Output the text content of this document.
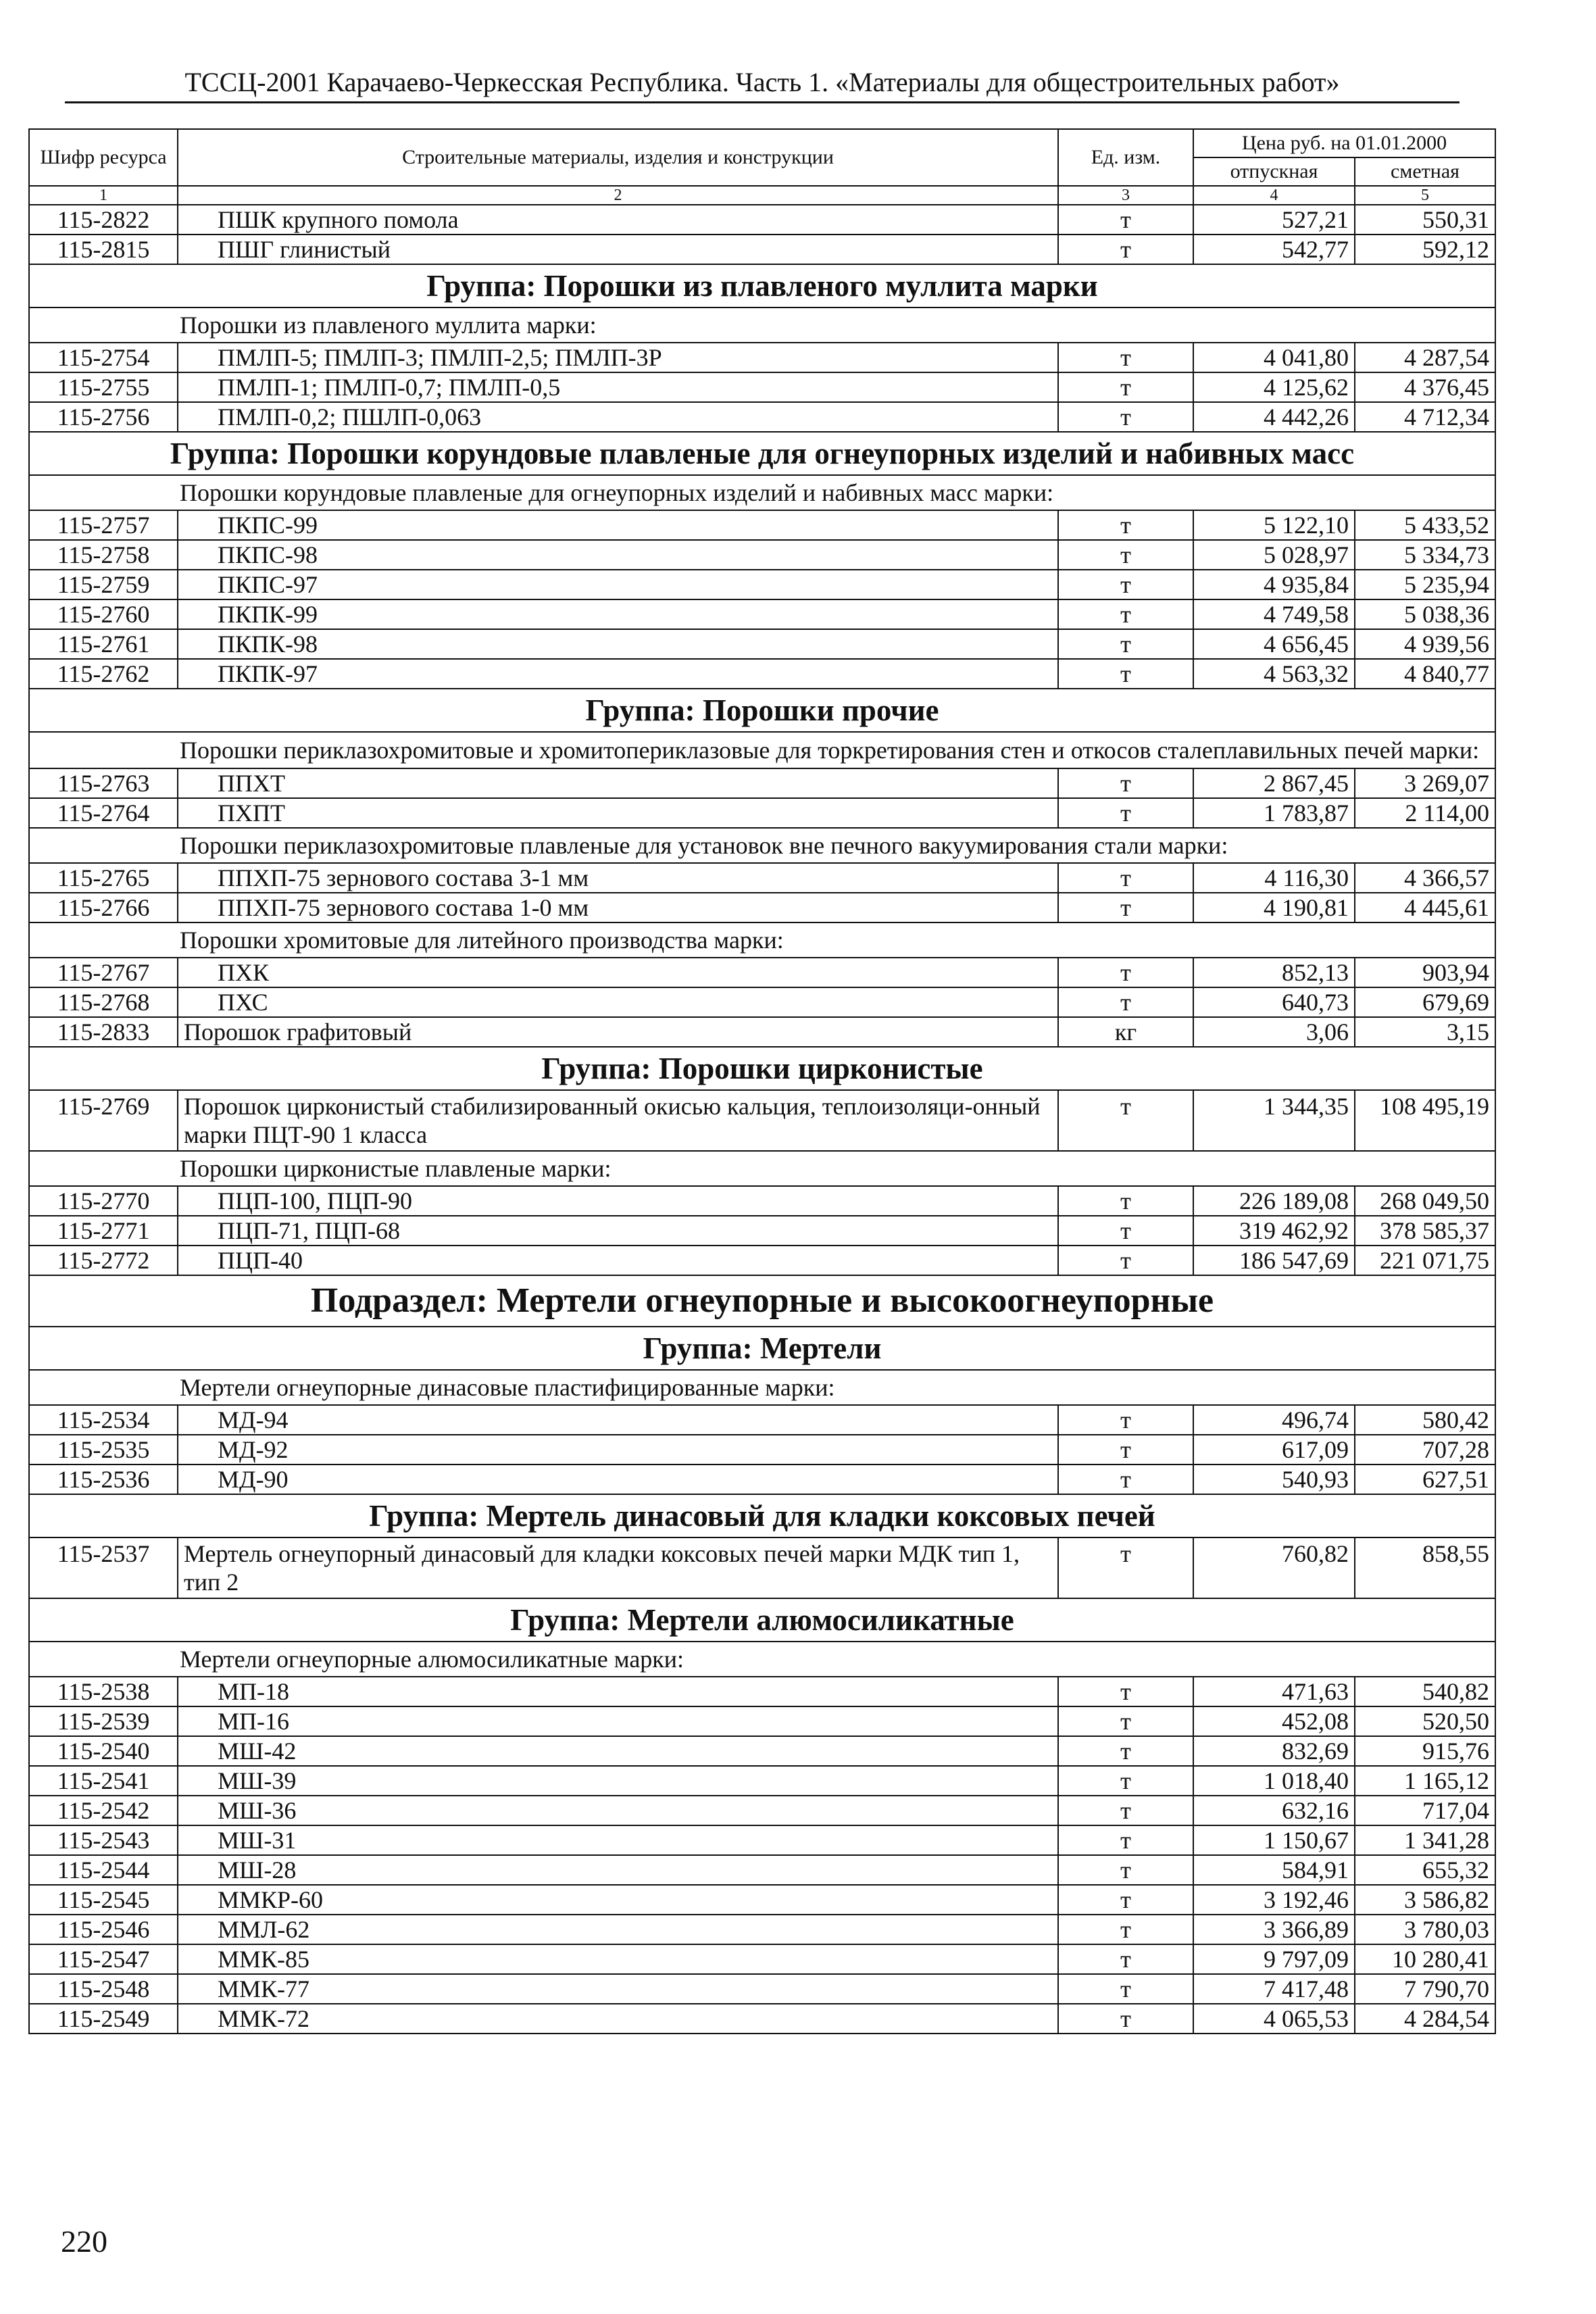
ТССЦ-2001 Карачаево-Черкесская Республика. Часть 1. «Материалы для общестроительных работ»
Шифр ресурса	Строительные материалы, изделия и конструкции	Ед. изм.	Цена руб. на 01.01.2000	
			отпускная	сметная
1	2	3	4	5
115-2822	ПШК крупного помола	т	527,21	550,31
115-2815	ПШГ глинистый	т	542,77	592,12
Группа: Порошки из плавленого муллита марки				
Порошки из плавленого муллита марки:				
115-2754	ПМЛП-5; ПМЛП-3; ПМЛП-2,5; ПМЛП-3Р	т	4 041,80	4 287,54
115-2755	ПМЛП-1; ПМЛП-0,7; ПМЛП-0,5	т	4 125,62	4 376,45
115-2756	ПМЛП-0,2; ПШЛП-0,063	т	4 442,26	4 712,34
Группа: Порошки корундовые плавленые для огнеупорных изделий и набивных масс				
Порошки корундовые плавленые для огнеупорных изделий и набивных масс марки:				
115-2757	ПКПС-99	т	5 122,10	5 433,52
115-2758	ПКПС-98	т	5 028,97	5 334,73
115-2759	ПКПС-97	т	4 935,84	5 235,94
115-2760	ПКПК-99	т	4 749,58	5 038,36
115-2761	ПКПК-98	т	4 656,45	4 939,56
115-2762	ПКПК-97	т	4 563,32	4 840,77
Группа: Порошки прочие				
Порошки периклазохромитовые и хромитопериклазовые для торкретирования стен и откосов сталеплавильных печей марки:				
115-2763	ППХТ	т	2 867,45	3 269,07
115-2764	ПХПТ	т	1 783,87	2 114,00
Порошки периклазохромитовые плавленые для установок вне печного вакуумирования стали марки:				
115-2765	ППХП-75 зернового состава 3-1 мм	т	4 116,30	4 366,57
115-2766	ППХП-75 зернового состава 1-0 мм	т	4 190,81	4 445,61
Порошки хромитовые для литейного производства марки:				
115-2767	ПХК	т	852,13	903,94
115-2768	ПХС	т	640,73	679,69
115-2833	Порошок графитовый	кг	3,06	3,15
Группа: Порошки цирконистые				
115-2769	Порошок цирконистый стабилизированный окисью кальция, теплоизоляци-онный марки ПЦТ-90 1 класса	т	1 344,35	108 495,19
Порошки цирконистые плавленые марки:				
115-2770	ПЦП-100, ПЦП-90	т	226 189,08	268 049,50
115-2771	ПЦП-71, ПЦП-68	т	319 462,92	378 585,37
115-2772	ПЦП-40	т	186 547,69	221 071,75
Подраздел: Мертели огнеупорные и высокоогнеупорные				
Группа: Мертели				
Мертели огнеупорные динасовые пластифицированные марки:				
115-2534	МД-94	т	496,74	580,42
115-2535	МД-92	т	617,09	707,28
115-2536	МД-90	т	540,93	627,51
Группа: Мертель динасовый для кладки коксовых печей				
115-2537	Мертель огнеупорный динасовый для кладки коксовых печей марки МДК тип 1, тип 2	т	760,82	858,55
Группа: Мертели алюмосиликатные				
Мертели огнеупорные алюмосиликатные марки:				
115-2538	МП-18	т	471,63	540,82
115-2539	МП-16	т	452,08	520,50
115-2540	МШ-42	т	832,69	915,76
115-2541	МШ-39	т	1 018,40	1 165,12
115-2542	МШ-36	т	632,16	717,04
115-2543	МШ-31	т	1 150,67	1 341,28
115-2544	МШ-28	т	584,91	655,32
115-2545	ММКР-60	т	3 192,46	3 586,82
115-2546	ММЛ-62	т	3 366,89	3 780,03
115-2547	ММК-85	т	9 797,09	10 280,41
115-2548	ММК-77	т	7 417,48	7 790,70
115-2549	ММК-72	т	4 065,53	4 284,54
220
